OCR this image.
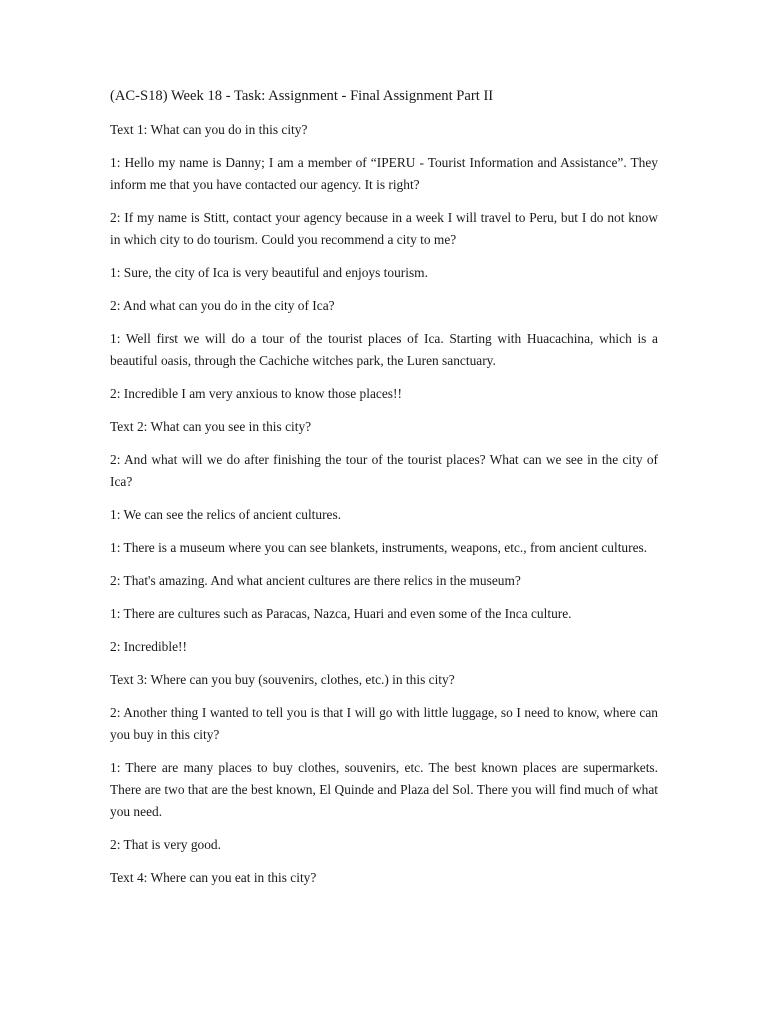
(AC-S18) Week 18 - Task: Assignment - Final Assignment Part II
Text 1: What can you do in this city?
1: Hello my name is Danny; I am a member of “IPERU - Tourist Information and Assistance”. They inform me that you have contacted our agency. It is right?
2: If my name is Stitt, contact your agency because in a week I will travel to Peru, but I do not know in which city to do tourism. Could you recommend a city to me?
1: Sure, the city of Ica is very beautiful and enjoys tourism.
2: And what can you do in the city of Ica?
1: Well first we will do a tour of the tourist places of Ica. Starting with Huacachina, which is a beautiful oasis, through the Cachiche witches park, the Luren sanctuary.
2: Incredible I am very anxious to know those places!!
Text 2: What can you see in this city?
2: And what will we do after finishing the tour of the tourist places? What can we see in the city of Ica?
1: We can see the relics of ancient cultures.
1: There is a museum where you can see blankets, instruments, weapons, etc., from ancient cultures.
2: That's amazing. And what ancient cultures are there relics in the museum?
1: There are cultures such as Paracas, Nazca, Huari and even some of the Inca culture.
2: Incredible!!
Text 3: Where can you buy (souvenirs, clothes, etc.) in this city?
2: Another thing I wanted to tell you is that I will go with little luggage, so I need to know, where can you buy in this city?
1: There are many places to buy clothes, souvenirs, etc. The best known places are supermarkets. There are two that are the best known, El Quinde and Plaza del Sol. There you will find much of what you need.
2: That is very good.
Text 4: Where can you eat in this city?
